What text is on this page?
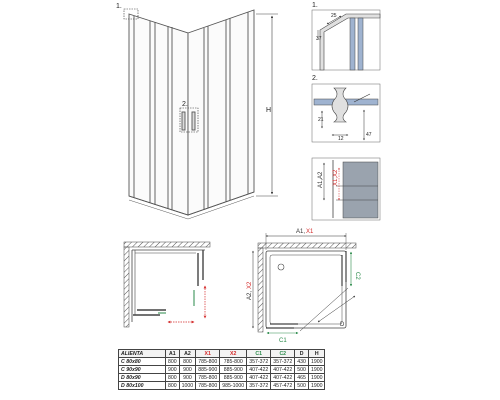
1.
2.
H
1.
25
37
2.
21
12
47
A1,A2 X1,X2
A1, X1
A2,
X2
C2
C1
D
ALIENTA	A1	A2	X1	X2	C1	C2	D	H
C 80x80	800	800	785-800	785-800	357-372	357-372	430	1900
C 90x90	900	900	885-900	885-900	407-422	407-422	500	1900
D 80x90	800	900	785-800	885-900	407-422	407-422	465	1900
D 80x100	800	1000	785-800	985-1000	357-372	457-472	500	1900
